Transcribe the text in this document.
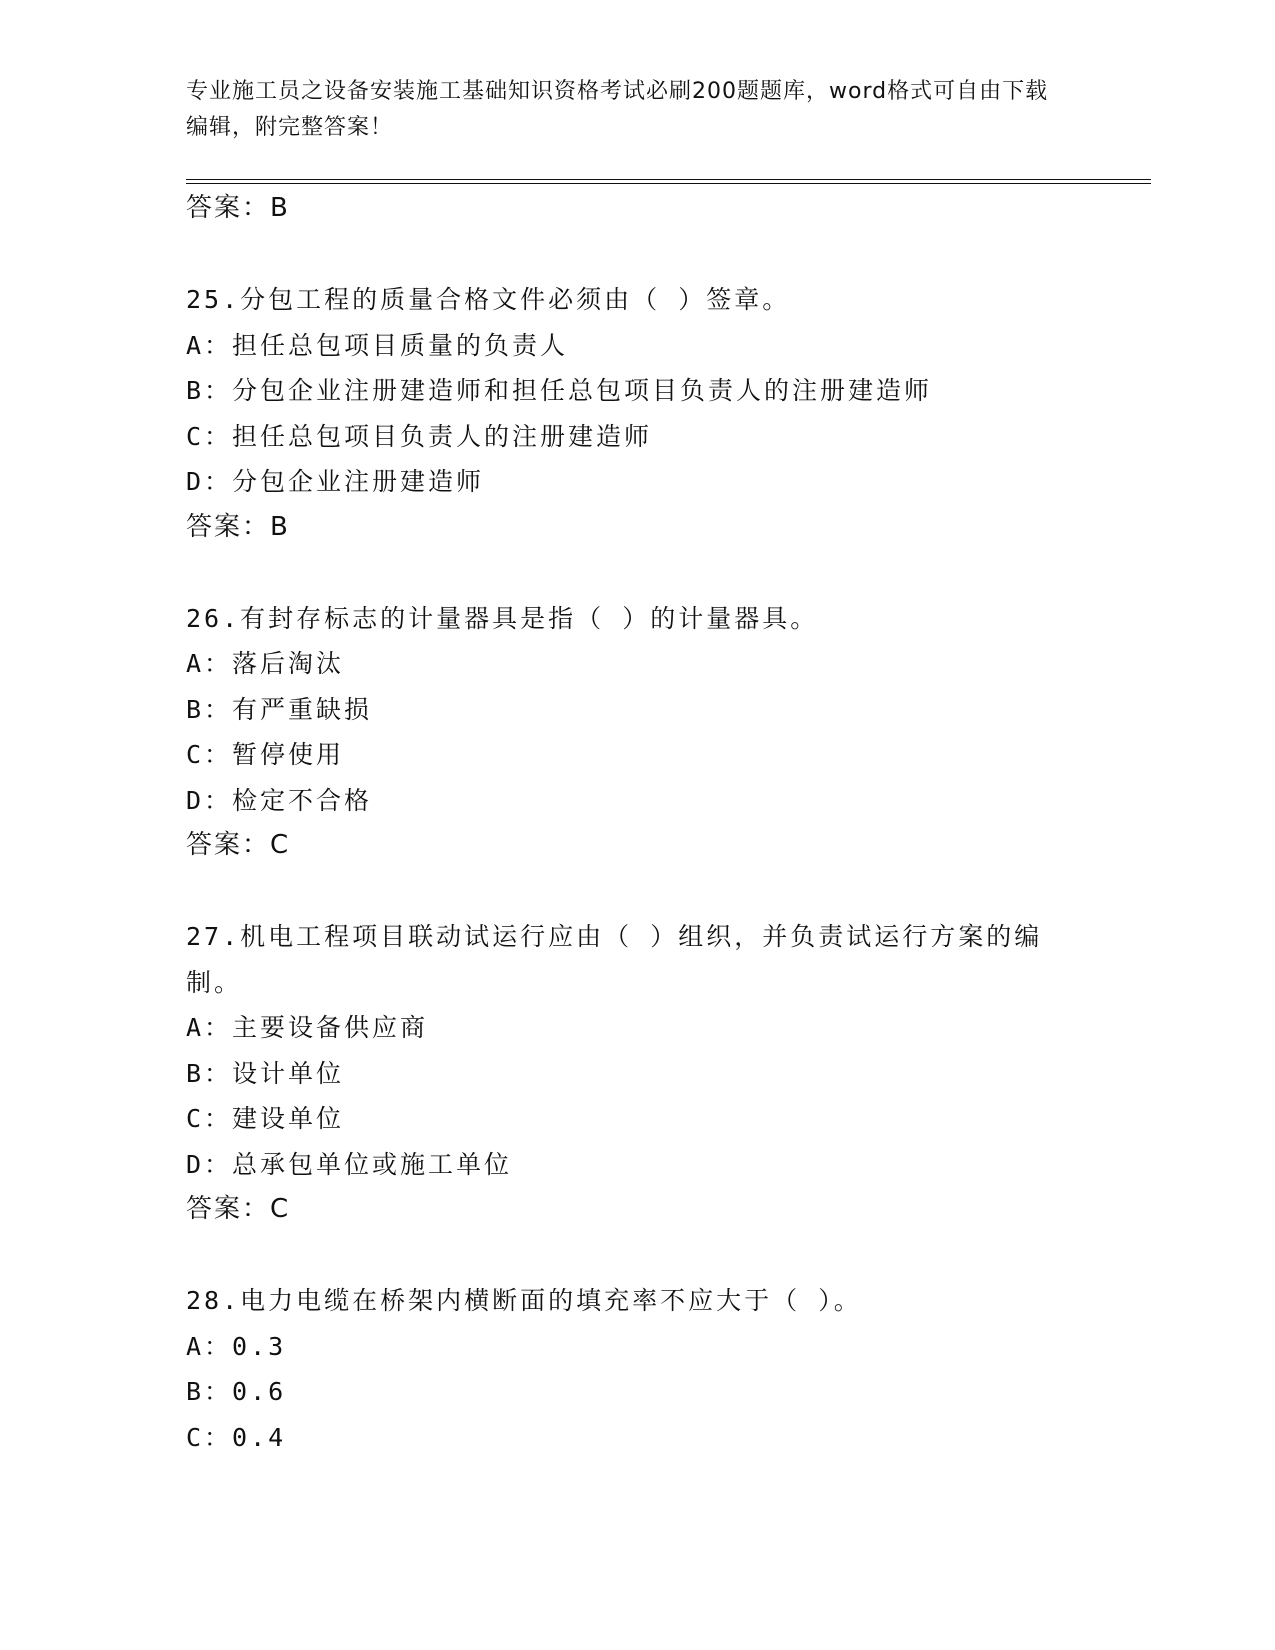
专业施工员之设备安装施工基础知识资格考试必刷200题题库，word格式可自由下载编辑，附完整答案！
答案：B
25.分包工程的质量合格文件必须由（ ）签章。
A：担任总包项目质量的负责人
B：分包企业注册建造师和担任总包项目负责人的注册建造师
C：担任总包项目负责人的注册建造师
D：分包企业注册建造师
答案：B
26.有封存标志的计量器具是指（ ）的计量器具。
A：落后淘汰
B：有严重缺损
C：暂停使用
D：检定不合格
答案：C
27.机电工程项目联动试运行应由（ ）组织，并负责试运行方案的编制。
A：主要设备供应商
B：设计单位
C：建设单位
D：总承包单位或施工单位
答案：C
28.电力电缆在桥架内横断面的填充率不应大于（ ）。
A：0.3
B：0.6
C：0.4
